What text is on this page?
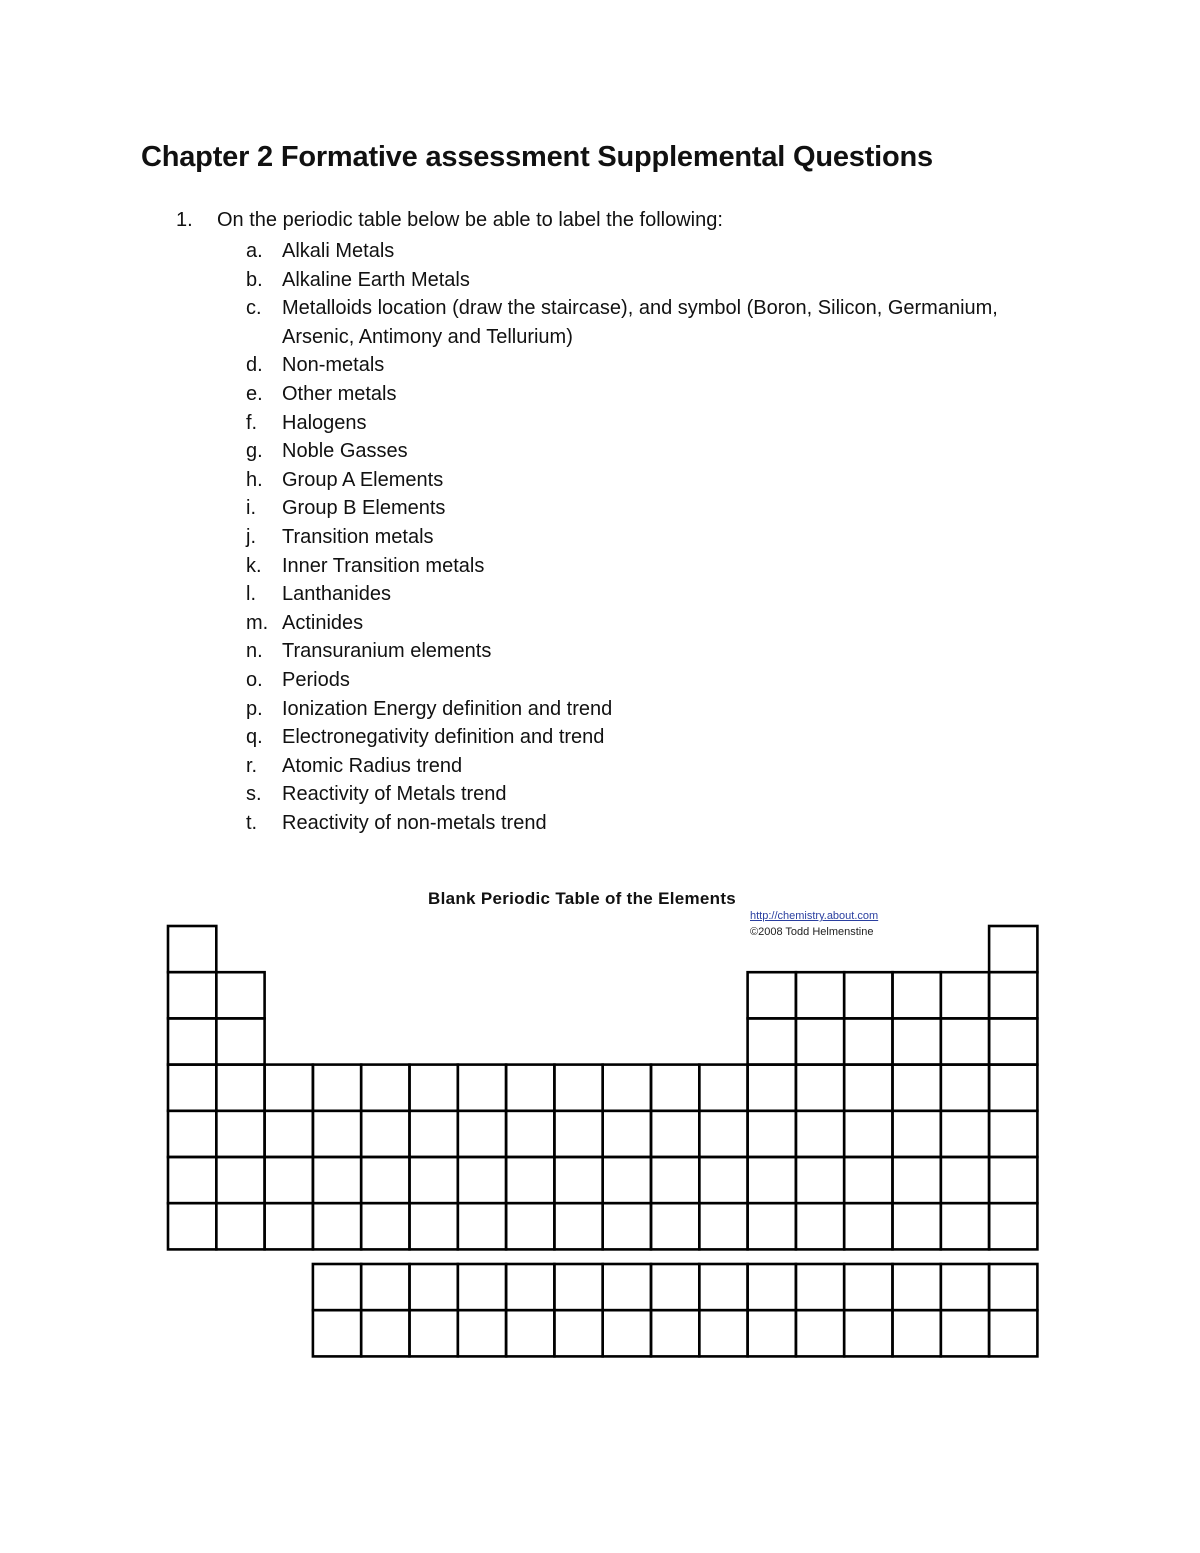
Chapter 2 Formative assessment Supplemental Questions
1. On the periodic table below be able to label the following:
a. Alkali Metals
b. Alkaline Earth Metals
c. Metalloids location (draw the staircase), and symbol (Boron, Silicon, Germanium, Arsenic, Antimony and Tellurium)
d. Non-metals
e. Other metals
f. Halogens
g. Noble Gasses
h. Group A Elements
i. Group B Elements
j. Transition metals
k. Inner Transition metals
l. Lanthanides
m. Actinides
n. Transuranium elements
o. Periods
p. Ionization Energy definition and trend
q. Electronegativity definition and trend
r. Atomic Radius trend
s. Reactivity of Metals trend
t. Reactivity of non-metals trend
Blank Periodic Table of the Elements
http://chemistry.about.com
©2008 Todd Helmenstine
